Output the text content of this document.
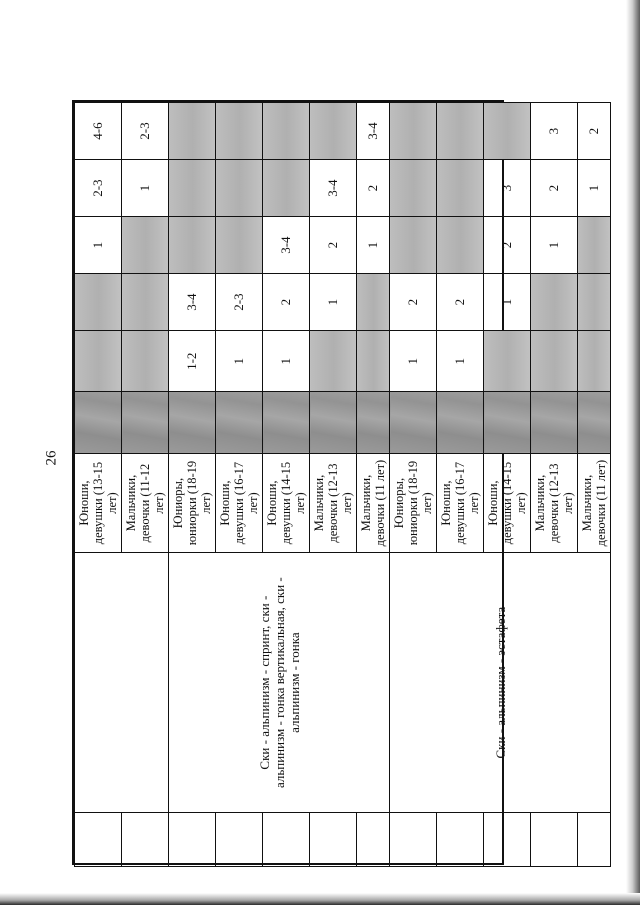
26
		Юноши, девушки (13-15 лет)				1	2-3	4-6
		Мальчики, девочки (11-12 лет)					1	2-3
	Ски - альпинизм - спринт, ски - альпинизм - гонка вертикальная, ски - альпинизм - гонка	Юниоры, юниорки (18-19 лет)		1-2	3-4			
		Юноши, девушки (16-17 лет)		1	2-3			
		Юноши, девушки (14-15 лет)		1	2	3-4		
		Мальчики, девочки (12-13 лет)			1	2	3-4	
		Мальчики, девочки (11 лет)				1	2	3-4
	Ски - альпинизм - эстафета	Юниоры, юниорки (18-19 лет)		1	2			
		Юноши, девушки (16-17 лет)		1	2			
		Юноши, девушки (14-15 лет)			1	2	3	
		Мальчики, девочки (12-13 лет)				1	2	3
		Мальчики, девочки (11 лет)					1	2
